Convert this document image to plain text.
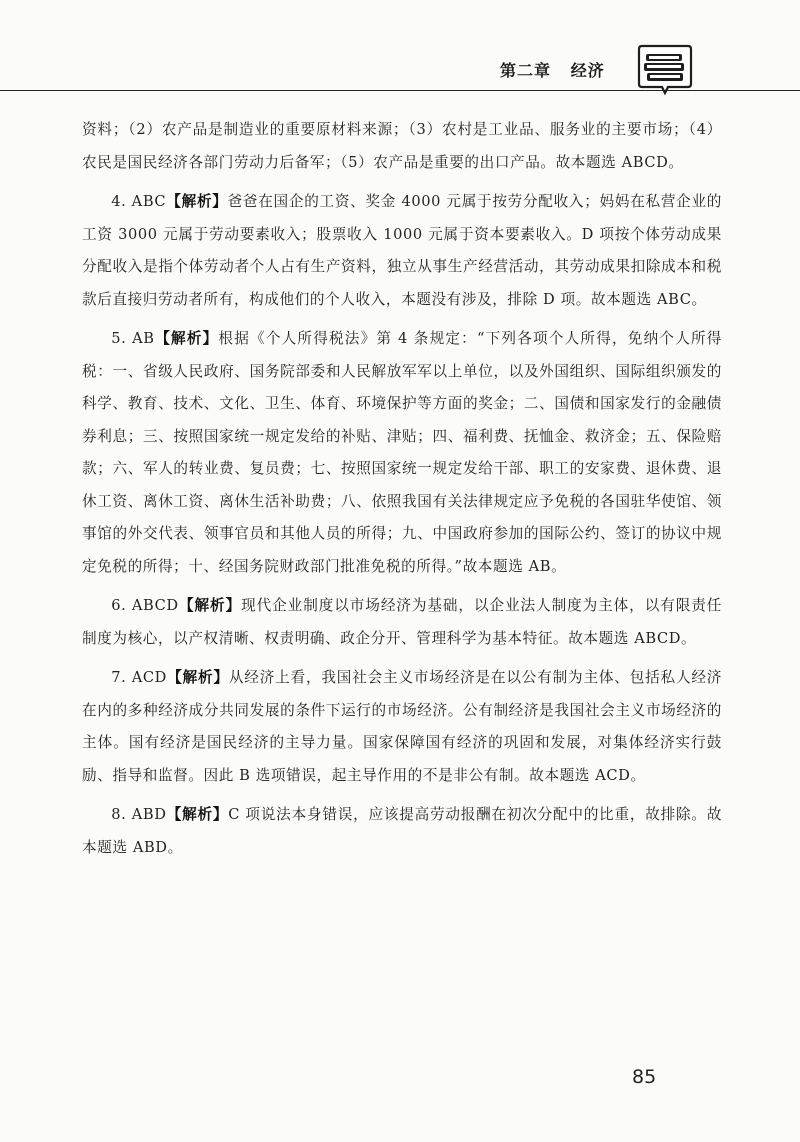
第二章 经济

资料；（2）农产品是制造业的重要原材料来源；（3）农村是工业品、服务业的主要市场；（4）农民是国民经济各部门劳动力后备军；（5）农产品是重要的出口产品。故本题选 ABCD。

4. ABC【解析】爸爸在国企的工资、奖金 4000 元属于按劳分配收入；妈妈在私营企业的工资 3000 元属于劳动要素收入；股票收入 1000 元属于资本要素收入。D 项按个体劳动成果分配收入是指个体劳动者个人占有生产资料，独立从事生产经营活动，其劳动成果扣除成本和税款后直接归劳动者所有，构成他们的个人收入，本题没有涉及，排除 D 项。故本题选 ABC。

5. AB【解析】根据《个人所得税法》第 4 条规定：“下列各项个人所得，免纳个人所得税：一、省级人民政府、国务院部委和人民解放军军以上单位，以及外国组织、国际组织颁发的科学、教育、技术、文化、卫生、体育、环境保护等方面的奖金；二、国债和国家发行的金融债券利息；三、按照国家统一规定发给的补贴、津贴；四、福利费、抚恤金、救济金；五、保险赔款；六、军人的转业费、复员费；七、按照国家统一规定发给干部、职工的安家费、退休费、退休工资、离休工资、离休生活补助费；八、依照我国有关法律规定应予免税的各国驻华使馆、领事馆的外交代表、领事官员和其他人员的所得；九、中国政府参加的国际公约、签订的协议中规定免税的所得；十、经国务院财政部门批准免税的所得。”故本题选 AB。

6. ABCD【解析】现代企业制度以市场经济为基础，以企业法人制度为主体，以有限责任制度为核心，以产权清晰、权责明确、政企分开、管理科学为基本特征。故本题选 ABCD。

7. ACD【解析】从经济上看，我国社会主义市场经济是在以公有制为主体、包括私人经济在内的多种经济成分共同发展的条件下运行的市场经济。公有制经济是我国社会主义市场经济的主体。国有经济是国民经济的主导力量。国家保障国有经济的巩固和发展，对集体经济实行鼓励、指导和监督。因此 B 选项错误，起主导作用的不是非公有制。故本题选 ACD。

8. ABD【解析】C 项说法本身错误，应该提高劳动报酬在初次分配中的比重，故排除。故本题选 ABD。

85
